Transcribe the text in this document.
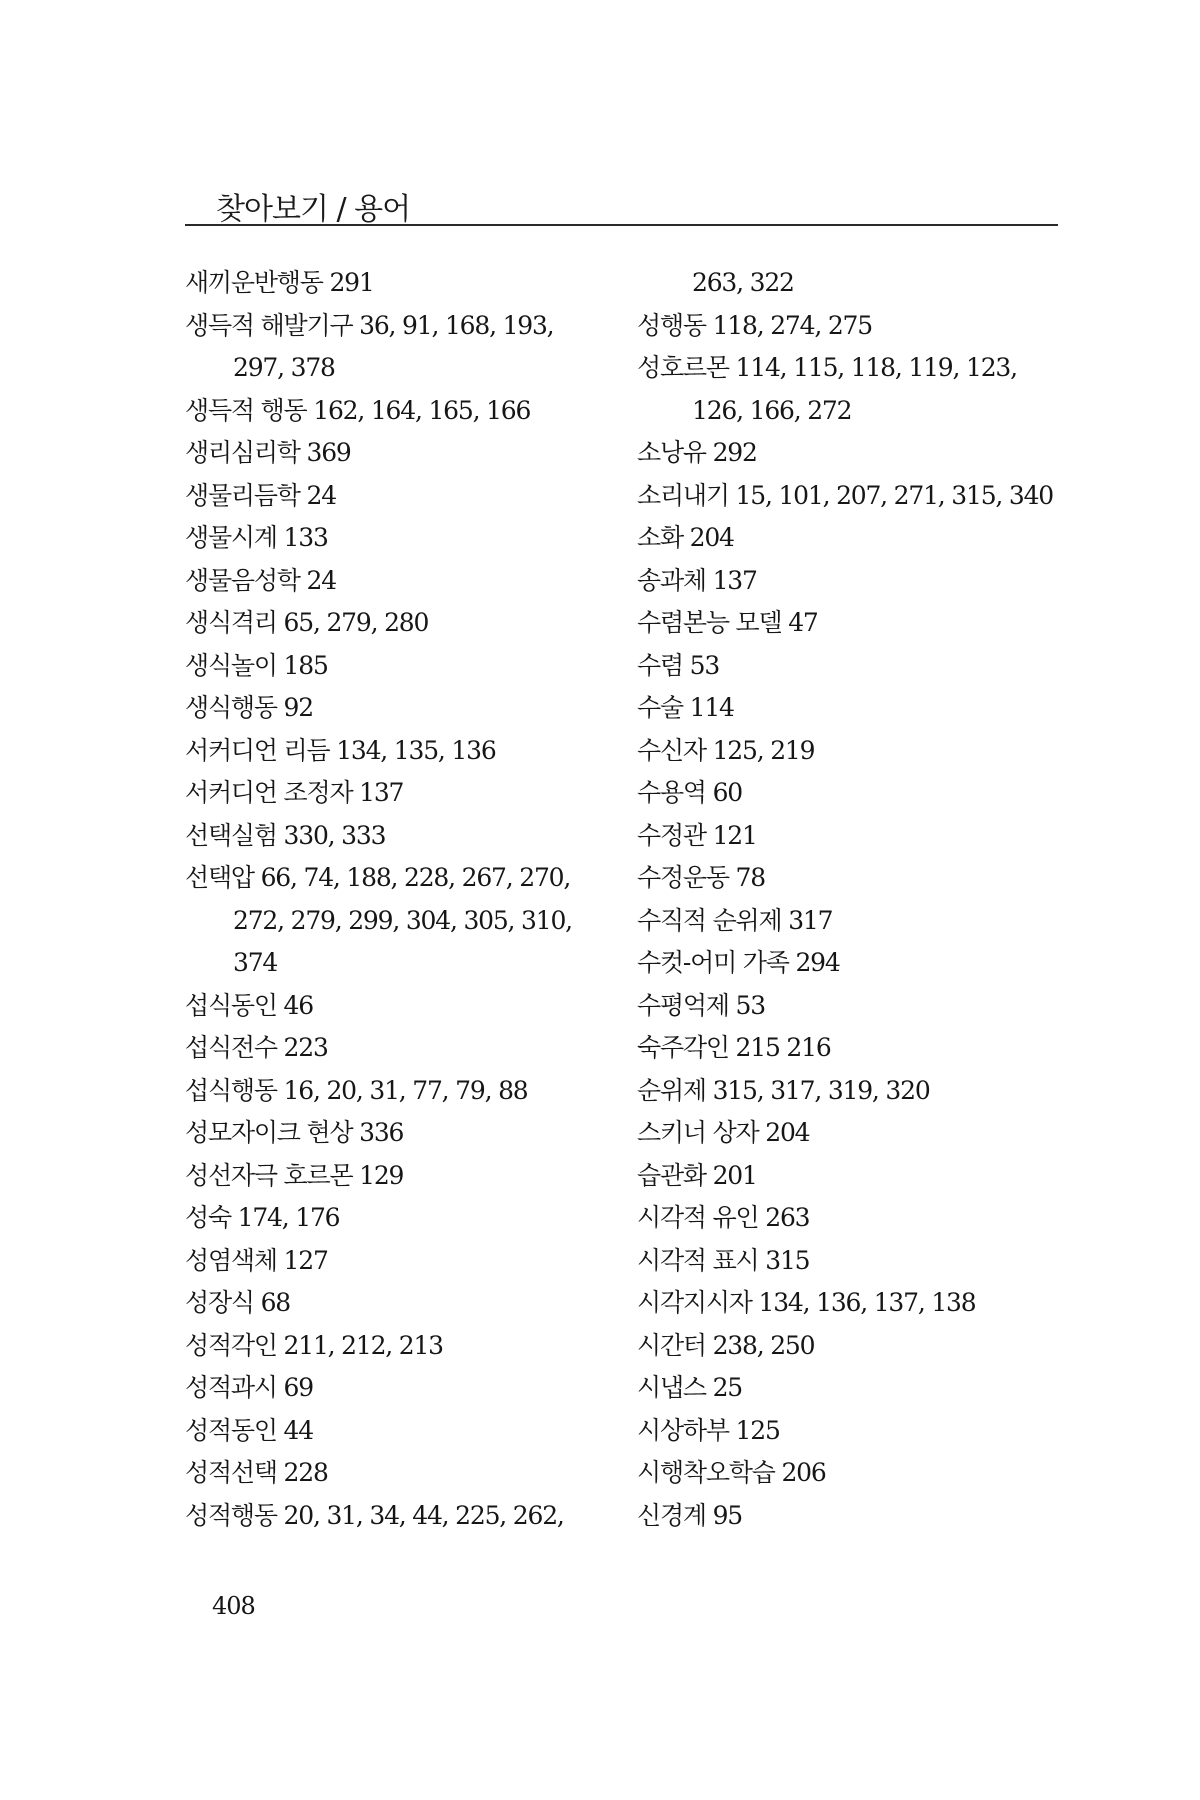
찾아보기 / 용어
새끼운반행동 291
생득적 해발기구 36, 91, 168, 193,
297, 378
생득적 행동 162, 164, 165, 166
생리심리학 369
생물리듬학 24
생물시계 133
생물음성학 24
생식격리 65, 279, 280
생식놀이 185
생식행동 92
서커디언 리듬 134, 135, 136
서커디언 조정자 137
선택실험 330, 333
선택압 66, 74, 188, 228, 267, 270,
272, 279, 299, 304, 305, 310,
374
섭식동인 46
섭식전수 223
섭식행동 16, 20, 31, 77, 79, 88
성모자이크 현상 336
성선자극 호르몬 129
성숙 174, 176
성염색체 127
성장식 68
성적각인 211, 212, 213
성적과시 69
성적동인 44
성적선택 228
성적행동 20, 31, 34, 44, 225, 262,
263, 322
성행동 118, 274, 275
성호르몬 114, 115, 118, 119, 123,
126, 166, 272
소낭유 292
소리내기 15, 101, 207, 271, 315, 340
소화 204
송과체 137
수렴본능 모델 47
수렴 53
수술 114
수신자 125, 219
수용역 60
수정관 121
수정운동 78
수직적 순위제 317
수컷-어미 가족 294
수평억제 53
숙주각인 215 216
순위제 315, 317, 319, 320
스키너 상자 204
습관화 201
시각적 유인 263
시각적 표시 315
시각지시자 134, 136, 137, 138
시간터 238, 250
시냅스 25
시상하부 125
시행착오학습 206
신경계 95
408
